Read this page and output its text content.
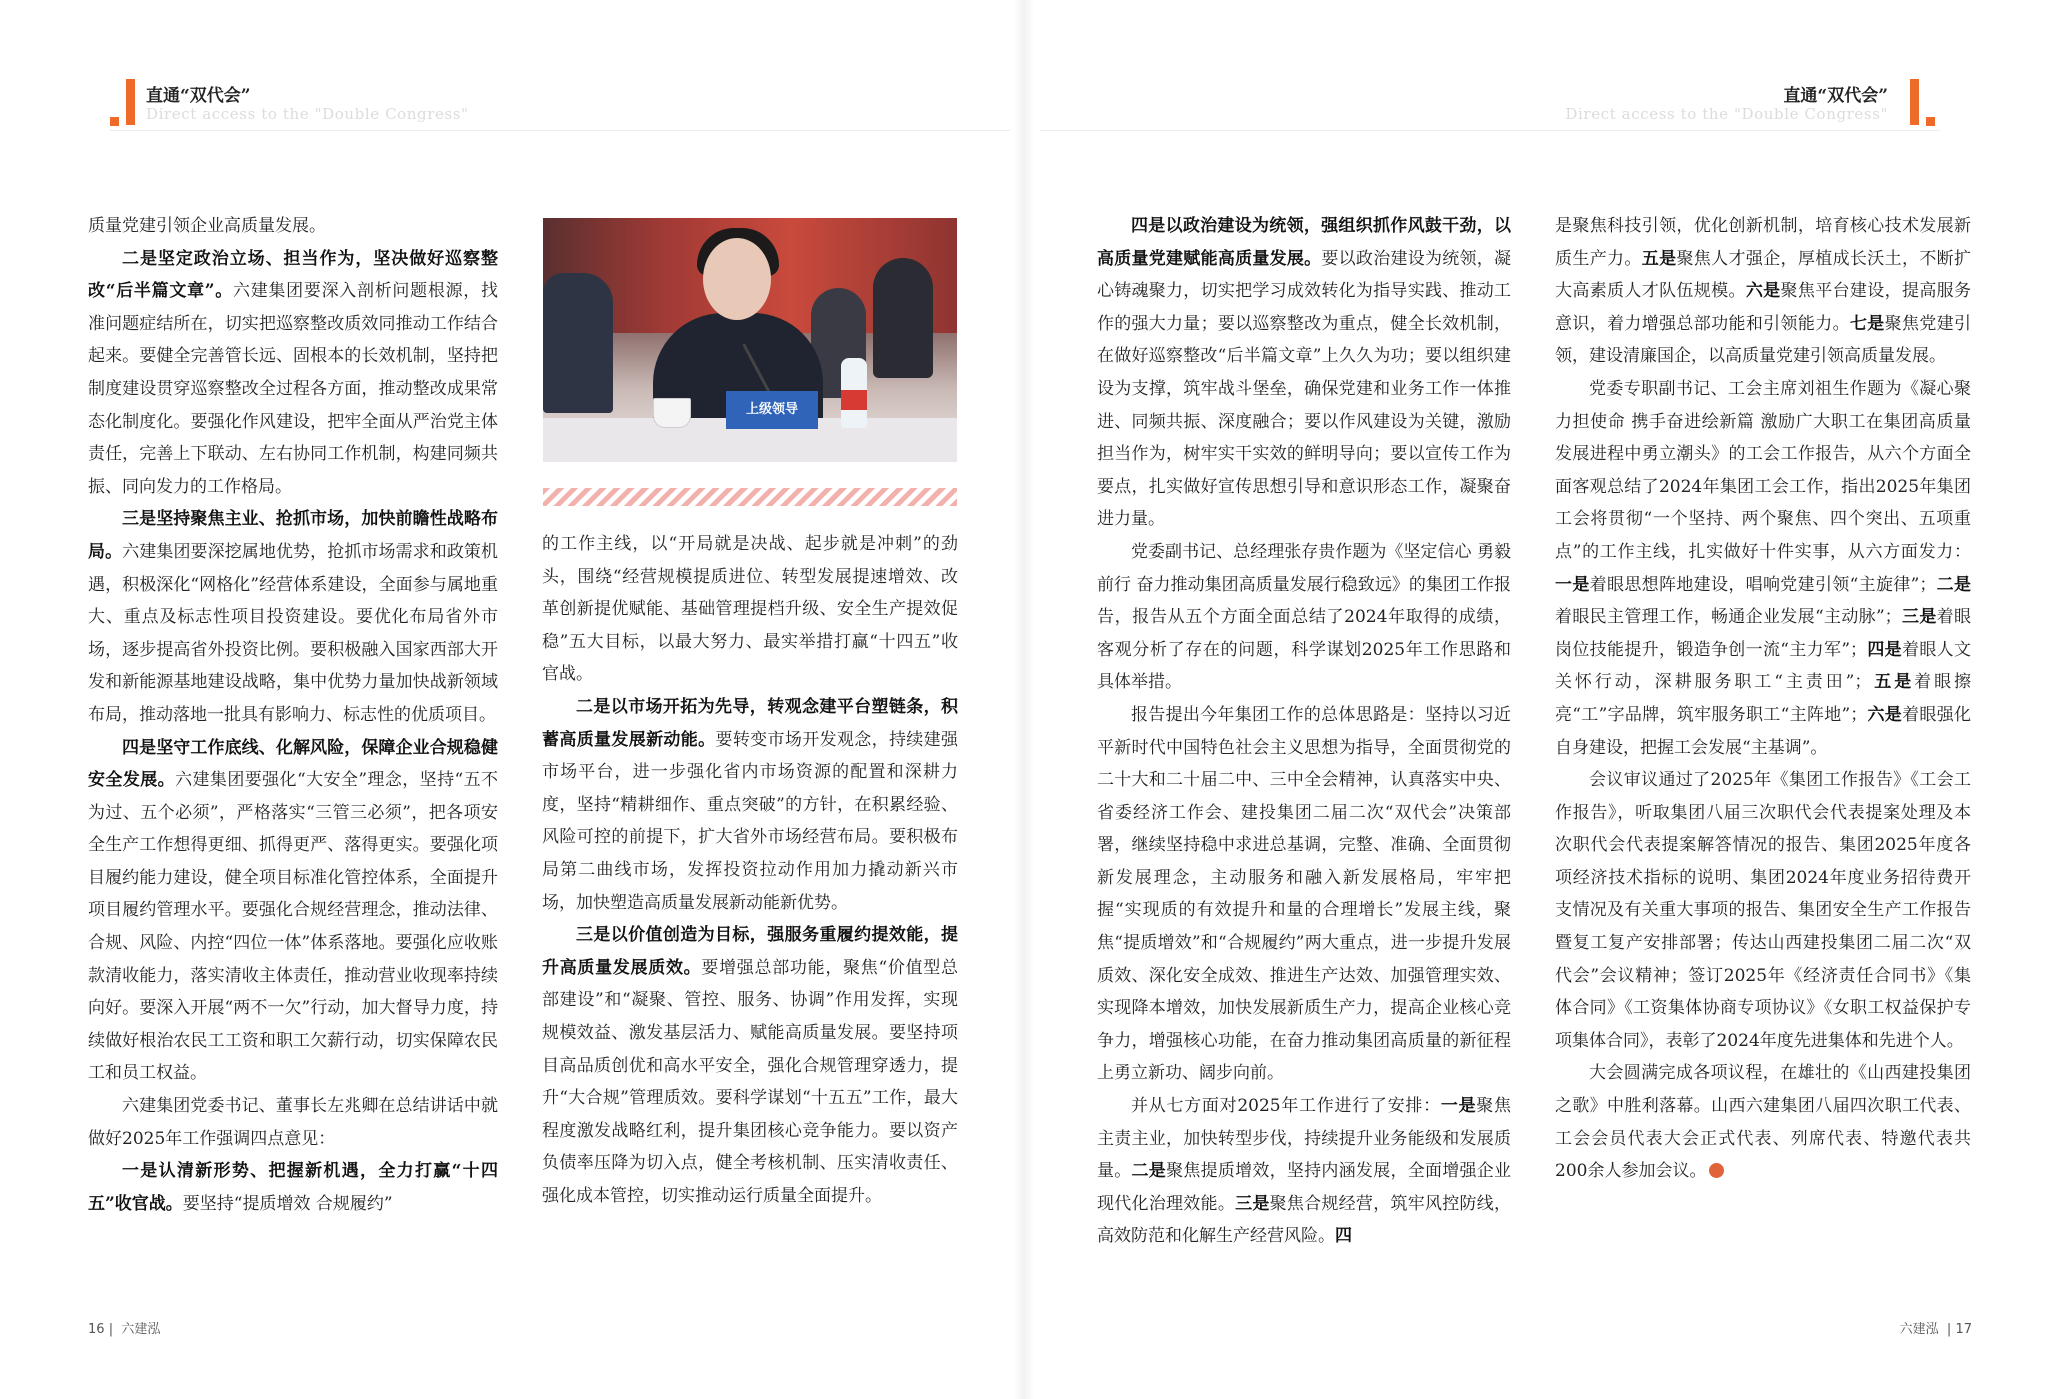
直通“双代会”
Direct access to the "Double Congress"

质量党建引领企业高质量发展。

二是坚定政治立场、担当作为，坚决做好巡察整改“后半篇文章”。六建集团要深入剖析问题根源，找准问题症结所在，切实把巡察整改质效同推动工作结合起来。要健全完善管长远、固根本的长效机制，坚持把制度建设贯穿巡察整改全过程各方面，推动整改成果常态化制度化。要强化作风建设，把牢全面从严治党主体责任，完善上下联动、左右协同工作机制，构建同频共振、同向发力的工作格局。

三是坚持聚焦主业、抢抓市场，加快前瞻性战略布局。六建集团要深挖属地优势，抢抓市场需求和政策机遇，积极深化“网格化”经营体系建设，全面参与属地重大、重点及标志性项目投资建设。要优化布局省外市场，逐步提高省外投资比例。要积极融入国家西部大开发和新能源基地建设战略，集中优势力量加快战新领域布局，推动落地一批具有影响力、标志性的优质项目。

四是坚守工作底线、化解风险，保障企业合规稳健安全发展。六建集团要强化“大安全”理念，坚持“五不为过、五个必须”，严格落实“三管三必须”，把各项安全生产工作想得更细、抓得更严、落得更实。要强化项目履约能力建设，健全项目标准化管控体系，全面提升项目履约管理水平。要强化合规经营理念，推动法律、合规、风险、内控“四位一体”体系落地。要强化应收账款清收能力，落实清收主体责任，推动营业收现率持续向好。要深入开展“两不一欠”行动，加大督导力度，持续做好根治农民工工资和职工欠薪行动，切实保障农民工和员工权益。

六建集团党委书记、董事长左兆卿在总结讲话中就做好2025年工作强调四点意见：

一是认清新形势、把握新机遇，全力打赢“十四五”收官战。要坚持“提质增效 合规履约”

上级领导

的工作主线，以“开局就是决战、起步就是冲刺”的劲头，围绕“经营规模提质进位、转型发展提速增效、改革创新提优赋能、基础管理提档升级、安全生产提效促稳”五大目标，以最大努力、最实举措打赢“十四五”收官战。

二是以市场开拓为先导，转观念建平台塑链条，积蓄高质量发展新动能。要转变市场开发观念，持续建强市场平台，进一步强化省内市场资源的配置和深耕力度，坚持“精耕细作、重点突破”的方针，在积累经验、风险可控的前提下，扩大省外市场经营布局。要积极布局第二曲线市场，发挥投资拉动作用加力撬动新兴市场，加快塑造高质量发展新动能新优势。

三是以价值创造为目标，强服务重履约提效能，提升高质量发展质效。要增强总部功能，聚焦“价值型总部建设”和“凝聚、管控、服务、协调”作用发挥，实现规模效益、激发基层活力、赋能高质量发展。要坚持项目高品质创优和高水平安全，强化合规管理穿透力，提升“大合规”管理质效。要科学谋划“十五五”工作，最大程度激发战略红利，提升集团核心竞争能力。要以资产负债率压降为切入点，健全考核机制、压实清收责任、强化成本管控，切实推动运行质量全面提升。

16 | 六建泓
直通“双代会”
Direct access to the "Double Congress"

四是以政治建设为统领，强组织抓作风鼓干劲，以高质量党建赋能高质量发展。要以政治建设为统领，凝心铸魂聚力，切实把学习成效转化为指导实践、推动工作的强大力量；要以巡察整改为重点，健全长效机制，在做好巡察整改“后半篇文章”上久久为功；要以组织建设为支撑，筑牢战斗堡垒，确保党建和业务工作一体推进、同频共振、深度融合；要以作风建设为关键，激励担当作为，树牢实干实效的鲜明导向；要以宣传工作为要点，扎实做好宣传思想引导和意识形态工作，凝聚奋进力量。

党委副书记、总经理张存贵作题为《坚定信心 勇毅前行 奋力推动集团高质量发展行稳致远》的集团工作报告，报告从五个方面全面总结了2024年取得的成绩，客观分析了存在的问题，科学谋划2025年工作思路和具体举措。

报告提出今年集团工作的总体思路是：坚持以习近平新时代中国特色社会主义思想为指导，全面贯彻党的二十大和二十届二中、三中全会精神，认真落实中央、省委经济工作会、建投集团二届二次“双代会”决策部署，继续坚持稳中求进总基调，完整、准确、全面贯彻新发展理念，主动服务和融入新发展格局，牢牢把握“实现质的有效提升和量的合理增长”发展主线，聚焦“提质增效”和“合规履约”两大重点，进一步提升发展质效、深化安全成效、推进生产达效、加强管理实效、实现降本增效，加快发展新质生产力，提高企业核心竞争力，增强核心功能，在奋力推动集团高质量的新征程上勇立新功、阔步向前。

并从七方面对2025年工作进行了安排：一是聚焦主责主业，加快转型步伐，持续提升业务能级和发展质量。二是聚焦提质增效，坚持内涵发展，全面增强企业现代化治理效能。三是聚焦合规经营，筑牢风控防线，高效防范和化解生产经营风险。四

是聚焦科技引领，优化创新机制，培育核心技术发展新质生产力。五是聚焦人才强企，厚植成长沃土，不断扩大高素质人才队伍规模。六是聚焦平台建设，提高服务意识，着力增强总部功能和引领能力。七是聚焦党建引领，建设清廉国企，以高质量党建引领高质量发展。

党委专职副书记、工会主席刘祖生作题为《凝心聚力担使命 携手奋进绘新篇 激励广大职工在集团高质量发展进程中勇立潮头》的工会工作报告，从六个方面全面客观总结了2024年集团工会工作，指出2025年集团工会将贯彻“一个坚持、两个聚焦、四个突出、五项重点”的工作主线，扎实做好十件实事，从六方面发力：一是着眼思想阵地建设，唱响党建引领“主旋律”；二是着眼民主管理工作，畅通企业发展“主动脉”；三是着眼岗位技能提升，锻造争创一流“主力军”；四是着眼人文关怀行动，深耕服务职工“主责田”；五是着眼擦亮“工”字品牌，筑牢服务职工“主阵地”；六是着眼强化自身建设，把握工会发展“主基调”。

会议审议通过了2025年《集团工作报告》《工会工作报告》，听取集团八届三次职代会代表提案处理及本次职代会代表提案解答情况的报告、集团2025年度各项经济技术指标的说明、集团2024年度业务招待费开支情况及有关重大事项的报告、集团安全生产工作报告暨复工复产安排部署；传达山西建投集团二届二次“双代会”会议精神；签订2025年《经济责任合同书》《集体合同》《工资集体协商专项协议》《女职工权益保护专项集体合同》，表彰了2024年度先进集体和先进个人。

大会圆满完成各项议程，在雄壮的《山西建投集团之歌》中胜利落幕。山西六建集团八届四次职工代表、工会会员代表大会正式代表、列席代表、特邀代表共200余人参加会议。

六建泓 | 17
